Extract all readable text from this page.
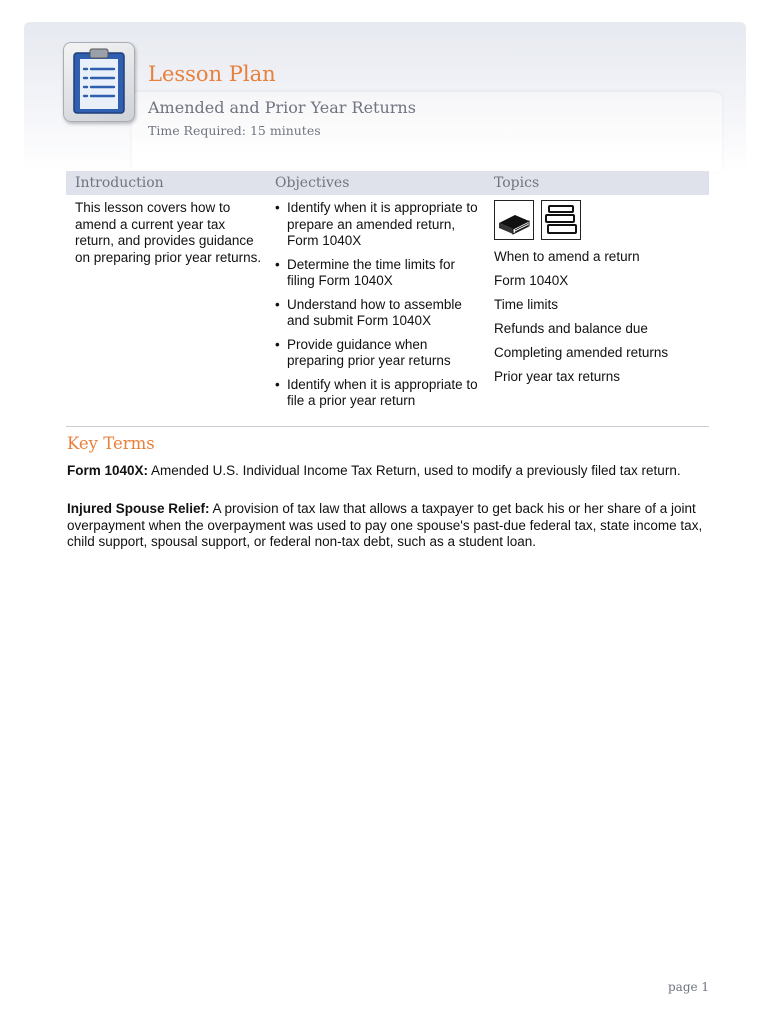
Lesson Plan
Amended and Prior Year Returns
Time Required: 15 minutes
Introduction	Objectives	Topics
This lesson covers how to amend a current year tax return, and provides guidance on preparing prior year returns.
• Identify when it is appropriate to prepare an amended return, Form 1040X
• Determine the time limits for filing Form 1040X
• Understand how to assemble and submit Form 1040X
• Provide guidance when preparing prior year returns
• Identify when it is appropriate to file a prior year return
When to amend a return
Form 1040X
Time limits
Refunds and balance due
Completing amended returns
Prior year tax returns
Key Terms

Form 1040X: Amended U.S. Individual Income Tax Return, used to modify a previously filed tax return.

Injured Spouse Relief: A provision of tax law that allows a taxpayer to get back his or her share of a joint overpayment when the overpayment was used to pay one spouse's past-due federal tax, state income tax, child support, spousal support, or federal non-tax debt, such as a student loan.

page 1
